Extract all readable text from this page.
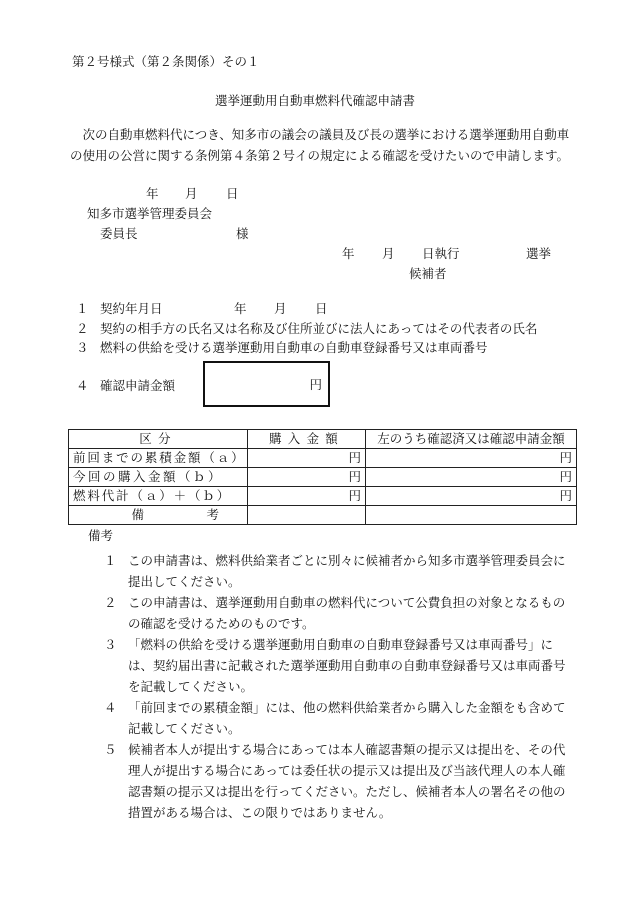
第２号様式（第２条関係）その１
選挙運動用自動車燃料代確認申請書
次の自動車燃料代につき、知多市の議会の議員及び長の選挙における選挙運動用自動車の使用の公営に関する条例第４条第２号イの規定による確認を受けたいので申請します。
年 月 日
知多市選挙管理委員会
委員長	様
年 月 日執行	選挙
候補者
１ 契約年月日	年 月 日
２ 契約の相手方の氏名又は名称及び住所並びに法人にあってはその代表者の氏名
３ 燃料の供給を受ける選挙運動用自動車の自動車登録番号又は車両番号
４ 確認申請金額	円
区分	購入金額	左のうち確認済又は確認申請金額
前回までの累積金額（ａ）	円	円
今回の購入金額（ｂ）	円	円
燃料代計（ａ）＋（ｂ）	円	円
備考		
備考
１ この申請書は、燃料供給業者ごとに別々に候補者から知多市選挙管理委員会に提出してください。
２ この申請書は、選挙運動用自動車の燃料代について公費負担の対象となるものの確認を受けるためのものです。
３ 「燃料の供給を受ける選挙運動用自動車の自動車登録番号又は車両番号」には、契約届出書に記載された選挙運動用自動車の自動車登録番号又は車両番号を記載してください。
４ 「前回までの累積金額」には、他の燃料供給業者から購入した金額をも含めて記載してください。
５ 候補者本人が提出する場合にあっては本人確認書類の提示又は提出を、その代理人が提出する場合にあっては委任状の提示又は提出及び当該代理人の本人確認書類の提示又は提出を行ってください。ただし、候補者本人の署名その他の措置がある場合は、この限りではありません。
